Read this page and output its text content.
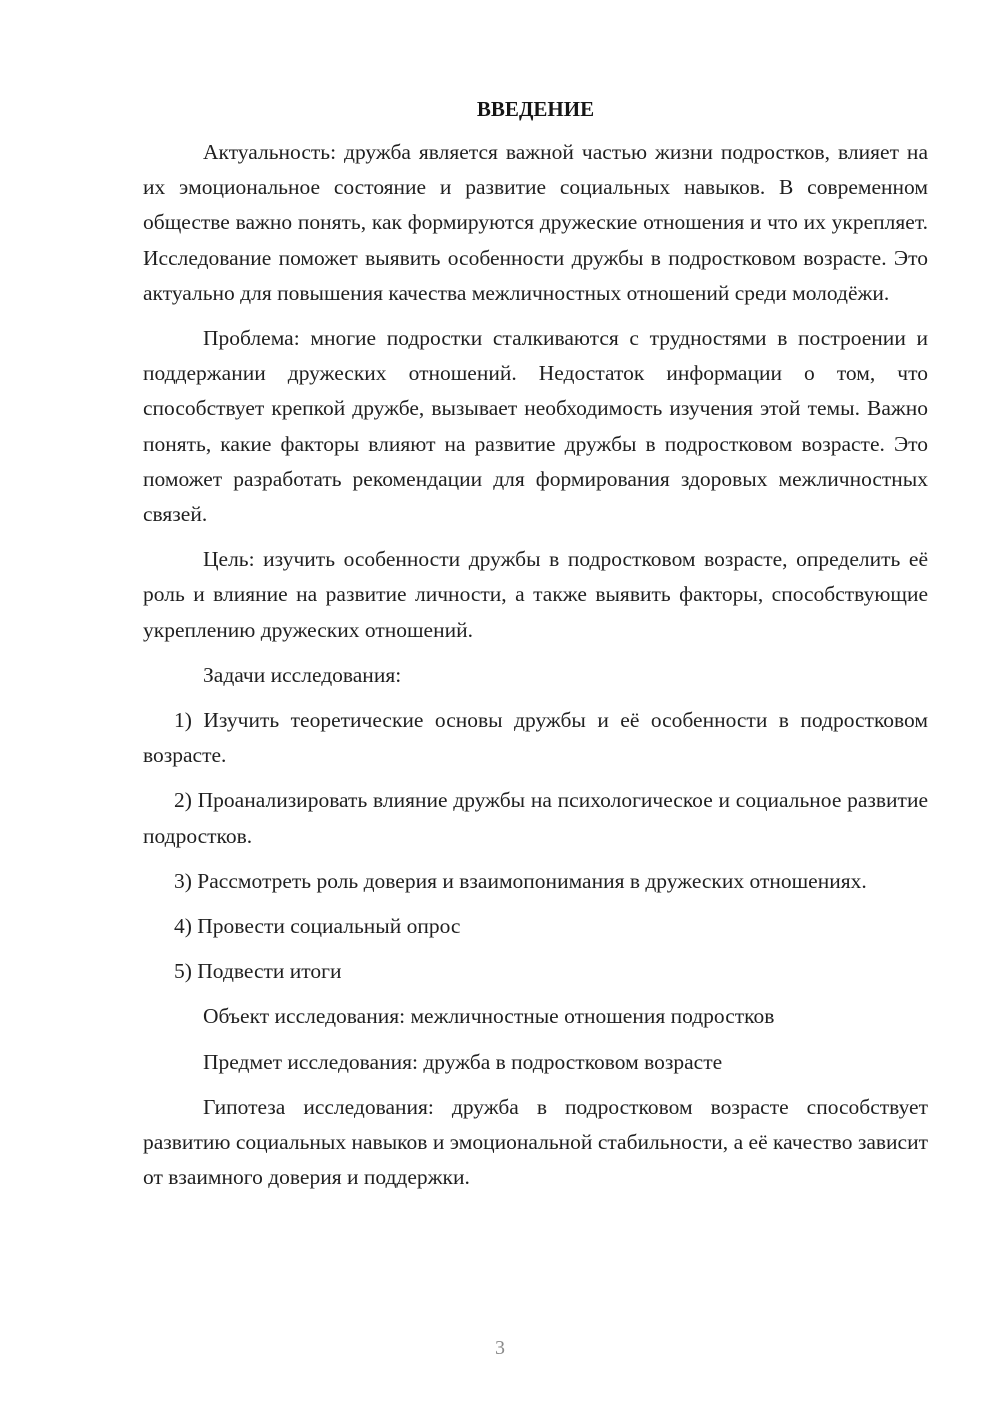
ВВЕДЕНИЕ

Актуальность: дружба является важной частью жизни подростков, влияет на их эмоциональное состояние и развитие социальных навыков. В современном обществе важно понять, как формируются дружеские отношения и что их укрепляет. Исследование поможет выявить особенности дружбы в подростковом возрасте. Это актуально для повышения качества межличностных отношений среди молодёжи.

Проблема: многие подростки сталкиваются с трудностями в построении и поддержании дружеских отношений. Недостаток информации о том, что способствует крепкой дружбе, вызывает необходимость изучения этой темы. Важно понять, какие факторы влияют на развитие дружбы в подростковом возрасте. Это поможет разработать рекомендации для формирования здоровых межличностных связей.

Цель: изучить особенности дружбы в подростковом возрасте, определить её роль и влияние на развитие личности, а также выявить факторы, способствующие укреплению дружеских отношений.

Задачи исследования:

1) Изучить теоретические основы дружбы и её особенности в подростковом возрасте.

2) Проанализировать влияние дружбы на психологическое и социальное развитие подростков.

3) Рассмотреть роль доверия и взаимопонимания в дружеских отношениях.

4) Провести социальный опрос

5) Подвести итоги

Объект исследования: межличностные отношения подростков

Предмет исследования: дружба в подростковом возрасте

Гипотеза исследования: дружба в подростковом возрасте способствует развитию социальных навыков и эмоциональной стабильности, а её качество зависит от взаимного доверия и поддержки.

3
